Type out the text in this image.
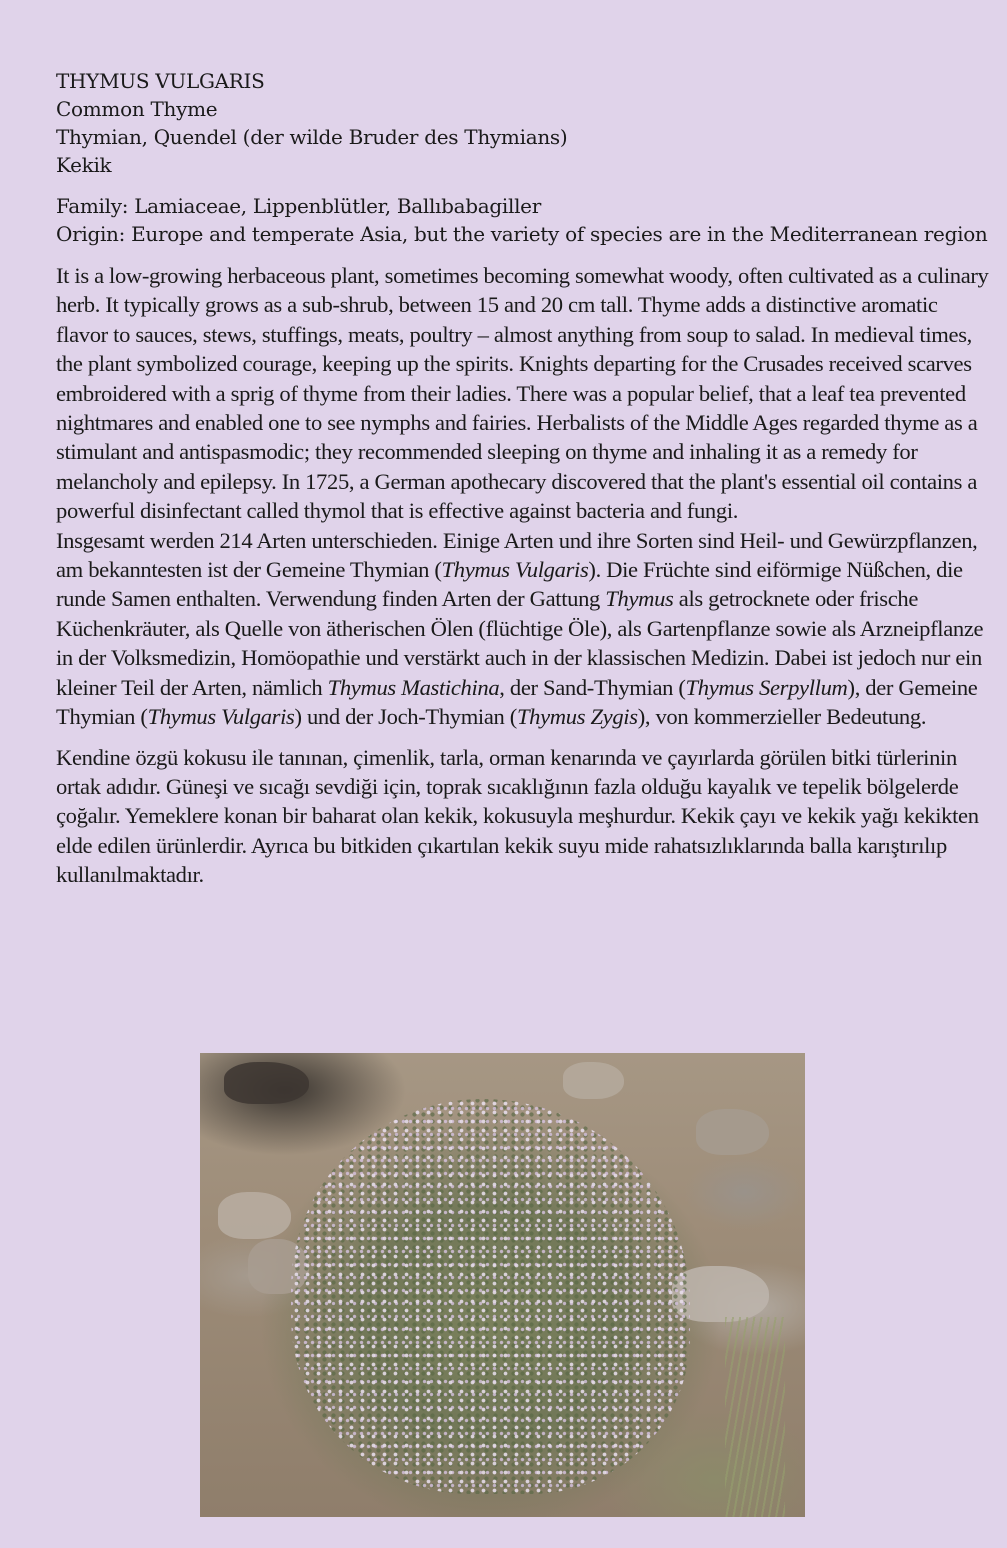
THYMUS VULGARIS
Common Thyme
Thymian, Quendel (der wilde Bruder des Thymians)
Kekik
Family: Lamiaceae, Lippenblütler, Ballıbabagiller
Origin: Europe and temperate Asia, but the variety of species are in the Mediterranean region

It is a low-growing herbaceous plant, sometimes becoming somewhat woody, often cultivated as a culinary herb. It typically grows as a sub-shrub, between 15 and 20 cm tall. Thyme adds a distinctive aromatic flavor to sauces, stews, stuffings, meats, poultry – almost anything from soup to salad. In medieval times, the plant symbolized courage, keeping up the spirits. Knights departing for the Crusades received scarves embroidered with a sprig of thyme from their ladies. There was a popular belief, that a leaf tea prevented nightmares and enabled one to see nymphs and fairies. Herbalists of the Middle Ages regarded thyme as a stimulant and antispasmodic; they recommended sleeping on thyme and inhaling it as a remedy for melancholy and epilepsy. In 1725, a German apothecary discovered that the plant's essential oil contains a powerful disinfectant called thymol that is effective against bacteria and fungi.

Insgesamt werden 214 Arten unterschieden. Einige Arten und ihre Sorten sind Heil- und Gewürzpflanzen, am bekanntesten ist der Gemeine Thymian (Thymus Vulgaris). Die Früchte sind eiförmige Nüßchen, die runde Samen enthalten. Verwendung finden Arten der Gattung Thymus als getrocknete oder frische Küchenkräuter, als Quelle von ätherischen Ölen (flüchtige Öle), als Gartenpflanze sowie als Arzneipflanze in der Volksmedizin, Homöopathie und verstärkt auch in der klassischen Medizin. Dabei ist jedoch nur ein kleiner Teil der Arten, nämlich Thymus Mastichina, der Sand-Thymian (Thymus Serpyllum), der Gemeine Thymian (Thymus Vulgaris) und der Joch-Thymian (Thymus Zygis), von kommerzieller Bedeutung.

Kendine özgü kokusu ile tanınan, çimenlik, tarla, orman kenarında ve çayırlarda görülen bitki türlerinin ortak adıdır. Güneşi ve sıcağı sevdiği için, toprak sıcaklığının fazla olduğu kayalık ve tepelik bölgelerde çoğalır. Yemeklere konan bir baharat olan kekik, kokusuyla meşhurdur. Kekik çayı ve kekik yağı kekikten elde edilen ürünlerdir. Ayrıca bu bitkiden çıkartılan kekik suyu mide rahatsızlıklarında balla karıştırılıp kullanılmaktadır.
